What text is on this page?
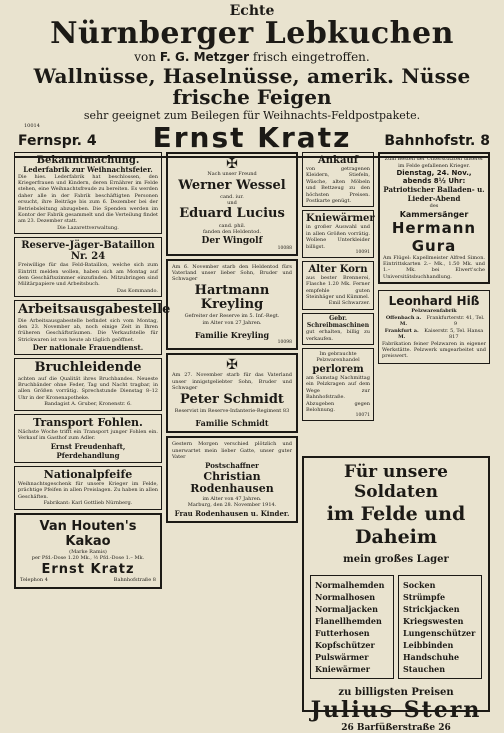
Echte
Nürnberger Lebkuchen
von F. G. Metzger frisch eingetroffen.
Wallnüsse, Haselnüsse, amerik. Nüsse
frische Feigen
sehr geeignet zum Beilegen für Weihnachts-Feldpostpakete.
10014
Fernspr. 4	Ernst Kratz	Bahnhofstr. 8
Bekanntmachung.
Lederfabrik zur Weihnachtsfeier.
Die hies. Lederfabrik hat beschlossen, den Kriegerfrauen und Kindern, deren Ernährer im Felde stehen, eine Weihnachtsfreude zu bereiten. Es werden daher alle in der Fabrik beschäftigten Personen ersucht, ihre Beiträge bis zum 6. Dezember bei der Betriebsleitung abzugeben. Die Spenden werden im Kontor der Fabrik gesammelt und die Verteilung findet am 23. Dezember statt.
Die Lazarettverwaltung.
Reserve-Jäger-Bataillon Nr. 24
Freiwillige für das Feld-Bataillon, welche sich zum Eintritt melden wollen, haben sich am Montag auf dem Geschäftszimmer einzufinden. Mitzubringen sind Militärpapiere und Arbeitsbuch.
Das Kommando.
Arbeitsausgabestelle
Die Arbeitsausgabestelle befindet sich vom Montag, den 23. November ab, noch einige Zeit in Ihren früheren Geschäftsräumen. Die Verkaufstelle für Strickwaren ist von heute ab täglich geöffnet.
Der nationale Frauendienst.
Bruchleidende
achten auf die Qualität ihres Bruchbandes. Neueste Bruchbänder ohne Feder, Tag und Nacht tragbar, in allen Größen vorrätig. Sprechstunde Dienstag 8–12 Uhr in der Kronenapotheke.
Bandagist A. Gruber, Kronenstr. 6.
Transport Fohlen.
Nächste Woche trifft ein Transport junger Fohlen ein. Verkauf im Gasthof zum Adler.
Ernst Freudenhaft, Pferdehandlung
Nationalpfeife
Weihnachtsgeschenk für unsere Krieger im Felde, prächtige Pfeifen in allen Preislagen. Zu haben in allen Geschäften.
Fabrikant: Karl Gottlieb Nürnberg.
Van Houten's Kakao
(Marke Ramis)
per Pfd.-Dose 1.20 Mk., ½ Pfd.-Dose 1.– Mk.
Ernst Kratz
Telephon 4	Bahnhofstraße 8
✠
Nach unser Freund
Werner Wessel
cand. iur.
und
Eduard Lucius
cand. phil.
fanden den Heldentod.
Der Wingolf
10088
Am 6. November starb den Heldentod fürs Vaterland unser lieber Sohn, Bruder und Schwager
Hartmann Kreyling
Gefreiter der Reserve im 5. Inf.-Regt.
im Alter von 27 Jahren.
Familie Kreyling
10098
✠
Am 27. November starb für das Vaterland unser innigstgeliebter Sohn, Bruder und Schwager
Peter Schmidt
Reservist im Reserve-Infanterie-Regiment 83
Familie Schmidt
Gestern Morgen verschied plötzlich und unerwartet mein lieber Gatte, unser guter Vater
Postschaffner
Christian Rodenhausen
im Alter von 47 Jahren.
Marburg, den 28. November 1914.
Frau Rodenhausen u. Kinder.
Ankauf
von getragenen Kleidern, Stiefeln, Wäsche, alten Möbeln und Bettzeug zu den höchsten Preisen. Postkarte genügt.
Kniewärmer
in großer Auswahl und in allen Größen vorrätig. Wollene Unterkleider billigst.
10091
Alter Korn
aus bester Brennerei, Flasche 1.20 Mk. Ferner empfehle guten Steinhäger und Kümmel.
Emil Schwarzer.
Gebr. Schreibmaschinen
gut erhalten, billig zu verkaufen.
Im gebrauchte Pelzwarenhandel
perlorem
am Samstag Nachmittag ein Pelzkragen auf dem Wege zur Bahnhofstraße. Abzugeben gegen Belohnung.
10071
Zum Besten der Unterstützten unserer im Felde gefallenen Krieger.
Dienstag, 24. Nov., abends 8½ Uhr:
Patriotischer Balladen- u. Lieder-Abend
des
Kammersänger
Hermann Gura
Am Flügel: Kapellmeister Alfred Simon. Eintrittskarten 2.– Mk., 1.50 Mk. und 1.– Mk. bei Elwert'sche Universitätsbuchhandlung.
Leonhard Hiß
Pelzwarenfabrik
Offenbach a. M.
Frankfurterstr. 41, Tel. 9
Frankfurt a. M.
Kaiserstr. 5, Tel. Hansa 817
Fabrikation feiner Pelzwaren in eigener Werkstätte. Pelzwerk umgearbeitet und preiswert.
Für unsere Soldaten
im Felde und Daheim
mein großes Lager
Normalhemden
Normalhosen
Normaljacken
Flanellhemden
Futterhosen
Kopfschützer
Pulswärmer
Kniewärmer
Socken
Strümpfe
Strickjacken
Kriegswesten
Lungenschützer
Leibbinden
Handschuhe
Stauchen
zu billigsten Preisen
Julius Stern
26 Barfüßerstraße 26
